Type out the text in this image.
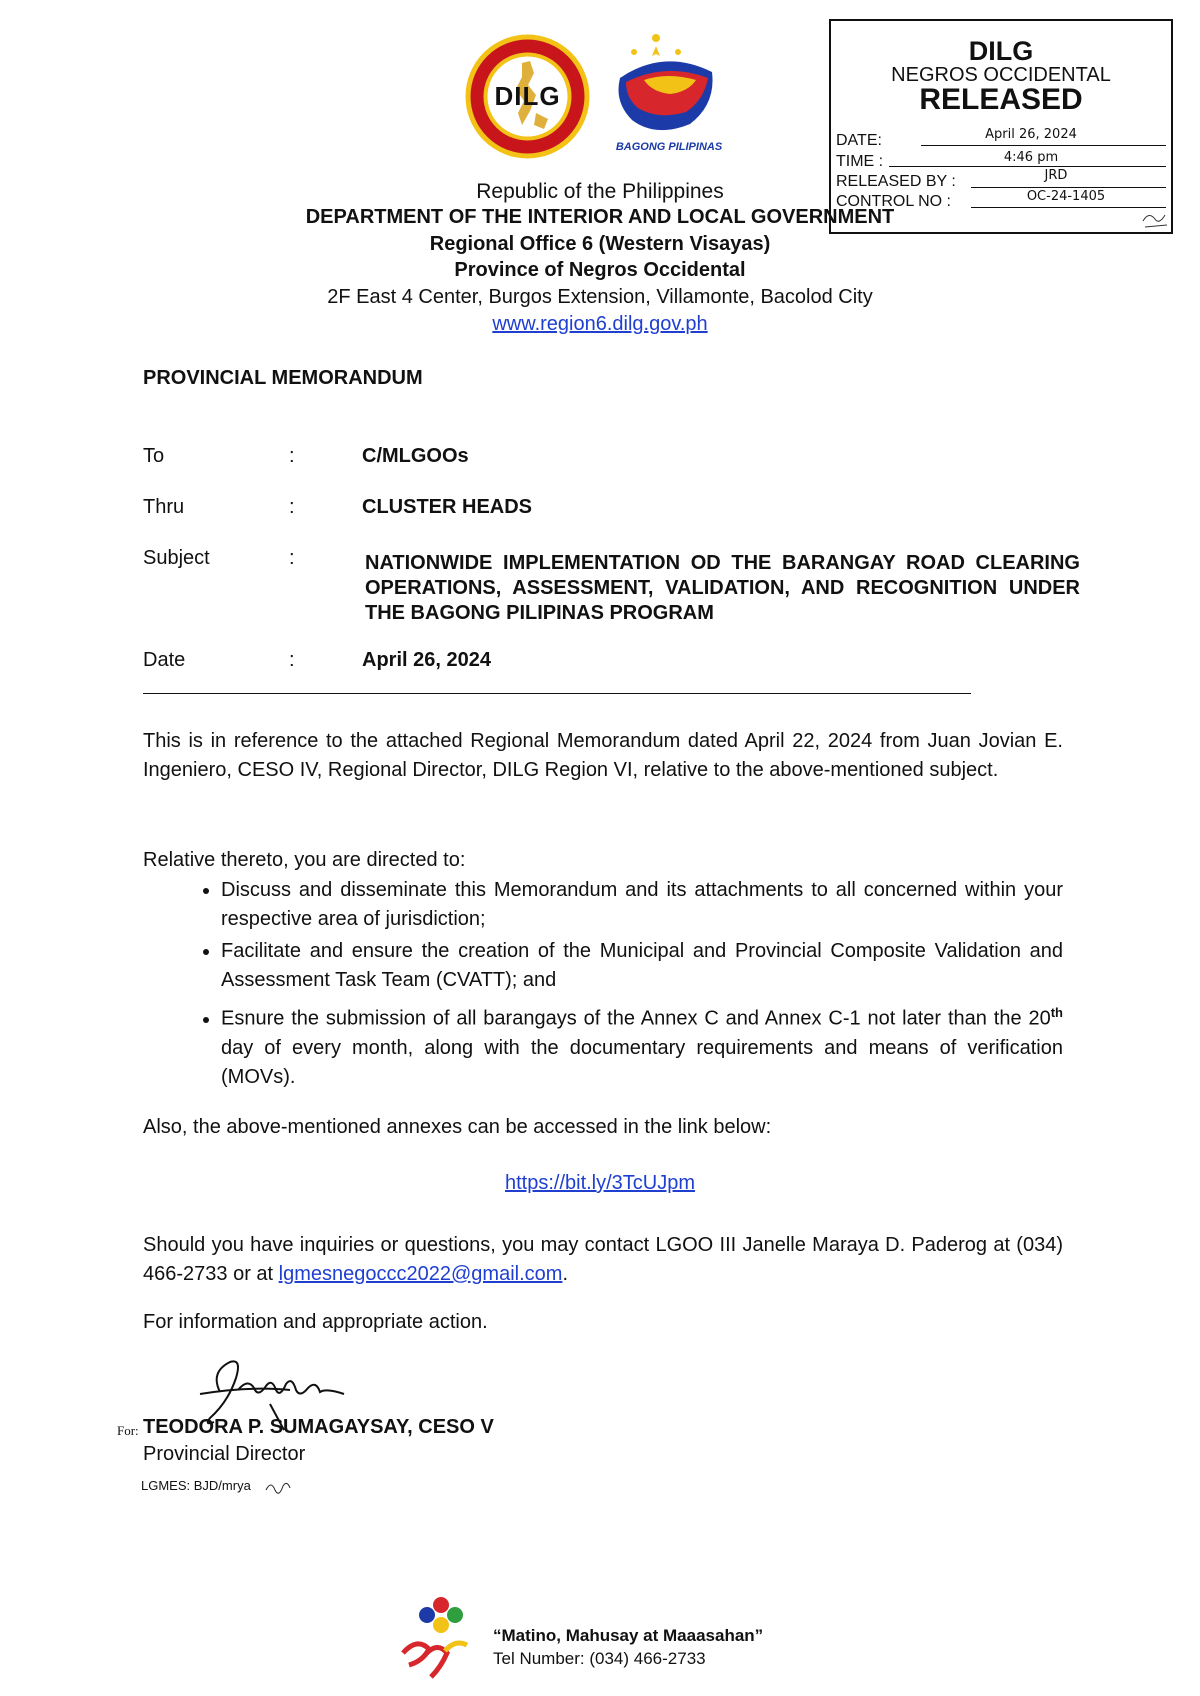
DILG
BAGONG PILIPINAS
DILG
NEGROS OCCIDENTAL
RELEASED
DATE:	April 26, 2024
TIME :	4:46 pm
RELEASED BY :	JRD
CONTROL NO :	OC-24-1405
Republic of the Philippines
DEPARTMENT OF THE INTERIOR AND LOCAL GOVERNMENT
Regional Office 6 (Western Visayas)
Province of Negros Occidental
2F East 4 Center, Burgos Extension, Villamonte, Bacolod City
www.region6.dilg.gov.ph
PROVINCIAL MEMORANDUM
To	:	C/MLGOOs
Thru	:	CLUSTER HEADS
Subject	:	NATIONWIDE IMPLEMENTATION OD THE BARANGAY ROAD CLEARING OPERATIONS, ASSESSMENT, VALIDATION, AND RECOGNITION UNDER THE BAGONG PILIPINAS PROGRAM
Date	:	April 26, 2024
This is in reference to the attached Regional Memorandum dated April 22, 2024 from Juan Jovian E. Ingeniero, CESO IV, Regional Director, DILG Region VI, relative to the above-mentioned subject.
Relative thereto, you are directed to:
• Discuss and disseminate this Memorandum and its attachments to all concerned within your respective area of jurisdiction;
• Facilitate and ensure the creation of the Municipal and Provincial Composite Validation and Assessment Task Team (CVATT); and
• Esnure the submission of all barangays of the Annex C and Annex C-1 not later than the 20th day of every month, along with the documentary requirements and means of verification (MOVs).
Also, the above-mentioned annexes can be accessed in the link below:
https://bit.ly/3TcUJpm
Should you have inquiries or questions, you may contact LGOO III Janelle Maraya D. Paderog at (034) 466-2733 or at lgmesnegoccc2022@gmail.com.
For information and appropriate action.
For: TEODORA P. SUMAGAYSAY, CESO V
Provincial Director
LGMES: BJD/mrya
“Matino, Mahusay at Maaasahan”
Tel Number: (034) 466-2733
